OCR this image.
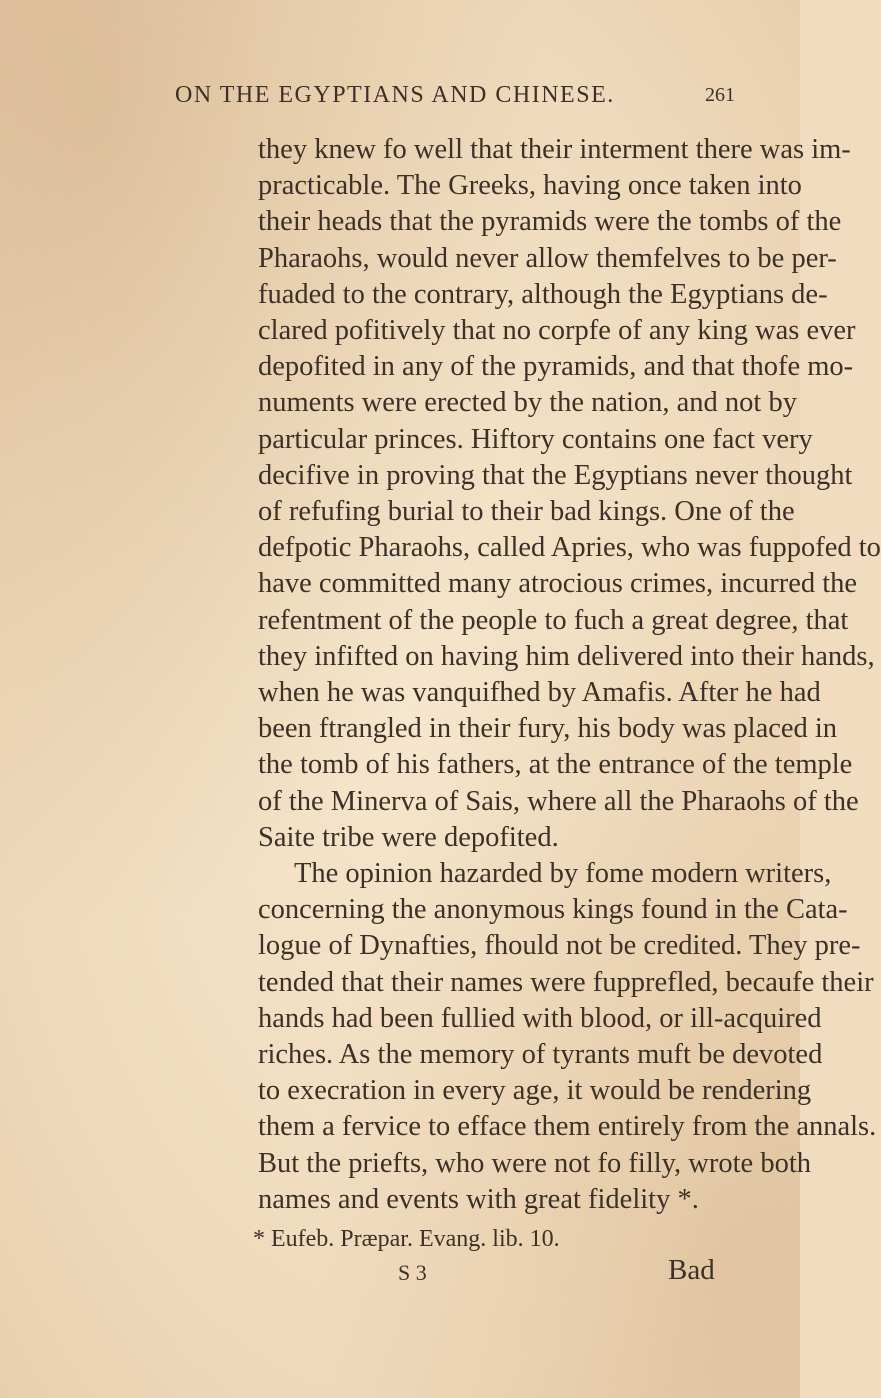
ON THE EGYPTIANS AND CHINESE.	261
they knew fo well that their interment there was im-
practicable. The Greeks, having once taken into
their heads that the pyramids were the tombs of the
Pharaohs, would never allow themfelves to be per-
fuaded to the contrary, although the Egyptians de-
clared pofitively that no corpfe of any king was ever
depofited in any of the pyramids, and that thofe mo-
numents were erected by the nation, and not by
particular princes. Hiftory contains one fact very
decifive in proving that the Egyptians never thought
of refufing burial to their bad kings. One of the
defpotic Pharaohs, called Apries, who was fuppofed to
have committed many atrocious crimes, incurred the
refentment of the people to fuch a great degree, that
they infifted on having him delivered into their hands,
when he was vanquifhed by Amafis. After he had
been ftrangled in their fury, his body was placed in
the tomb of his fathers, at the entrance of the temple
of the Minerva of Sais, where all the Pharaohs of the
Saite tribe were depofited.
The opinion hazarded by fome modern writers,
concerning the anonymous kings found in the Cata-
logue of Dynafties, fhould not be credited. They pre-
tended that their names were fupprefled, becaufe their
hands had been fullied with blood, or ill-acquired
riches. As the memory of tyrants muft be devoted
to execration in every age, it would be rendering
them a fervice to efface them entirely from the annals.
But the priefts, who were not fo filly, wrote both
names and events with great fidelity *.
* Eufeb. Præpar. Evang. lib. 10.
S 3	Bad
